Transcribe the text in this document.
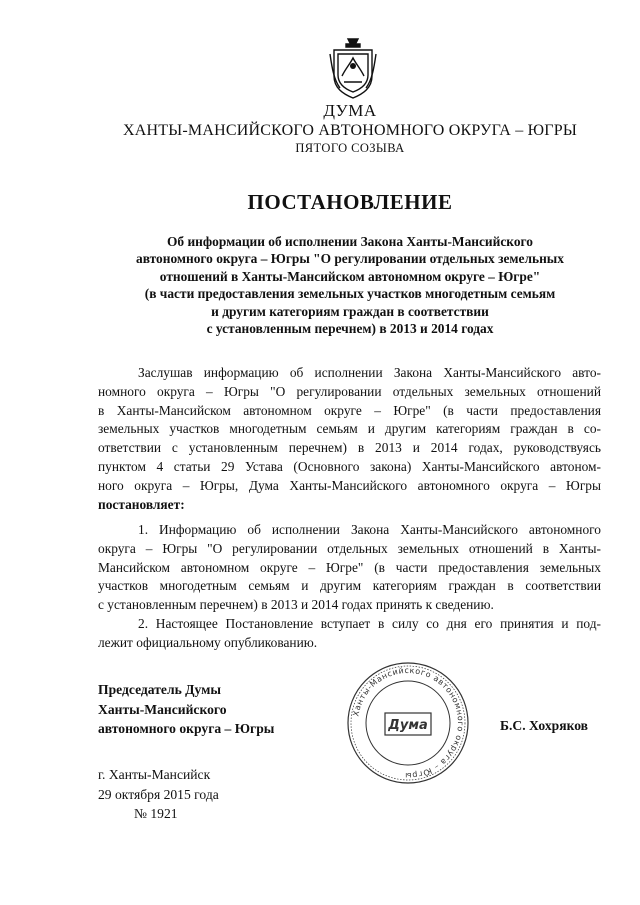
ДУМА
ХАНТЫ-МАНСИЙСКОГО АВТОНОМНОГО ОКРУГА – ЮГРЫ
ПЯТОГО СОЗЫВА
ПОСТАНОВЛЕНИЕ
Об информации об исполнении Закона Ханты-Мансийского
автономного округа – Югры "О регулировании отдельных земельных
отношений в Ханты-Мансийском автономном округе – Югре"
(в части предоставления земельных участков многодетным семьям
и другим категориям граждан в соответствии
с установленным перечнем) в 2013 и 2014 годах
Заслушав информацию об исполнении Закона Ханты-Мансийского авто-
номного округа – Югры "О регулировании отдельных земельных отношений
в Ханты-Мансийском автономном округе – Югре" (в части предоставления
земельных участков многодетным семьям и другим категориям граждан в со-
ответствии с установленным перечнем) в 2013 и 2014 годах, руководствуясь
пунктом 4 статьи 29 Устава (Основного закона) Ханты-Мансийского автоном-
ного округа – Югры, Дума Ханты-Мансийского автономного округа – Югры
постановляет:
1. Информацию об исполнении Закона Ханты-Мансийского автономного
округа – Югры "О регулировании отдельных земельных отношений в Ханты-
Мансийском автономном округе – Югре" (в части предоставления земельных
участков многодетным семьям и другим категориям граждан в соответствии
с установленным перечнем) в 2013 и 2014 годах принять к сведению.
2. Настоящее Постановление вступает в силу со дня его принятия и под-
лежит официальному опубликованию.
Председатель Думы
Ханты-Мансийского
автономного округа – Югры
Ханты-Мансийского автономного округа – Югры
Дума	Б.С. Хохряков
г. Ханты-Мансийск
29 октября 2015 года
№ 1921
